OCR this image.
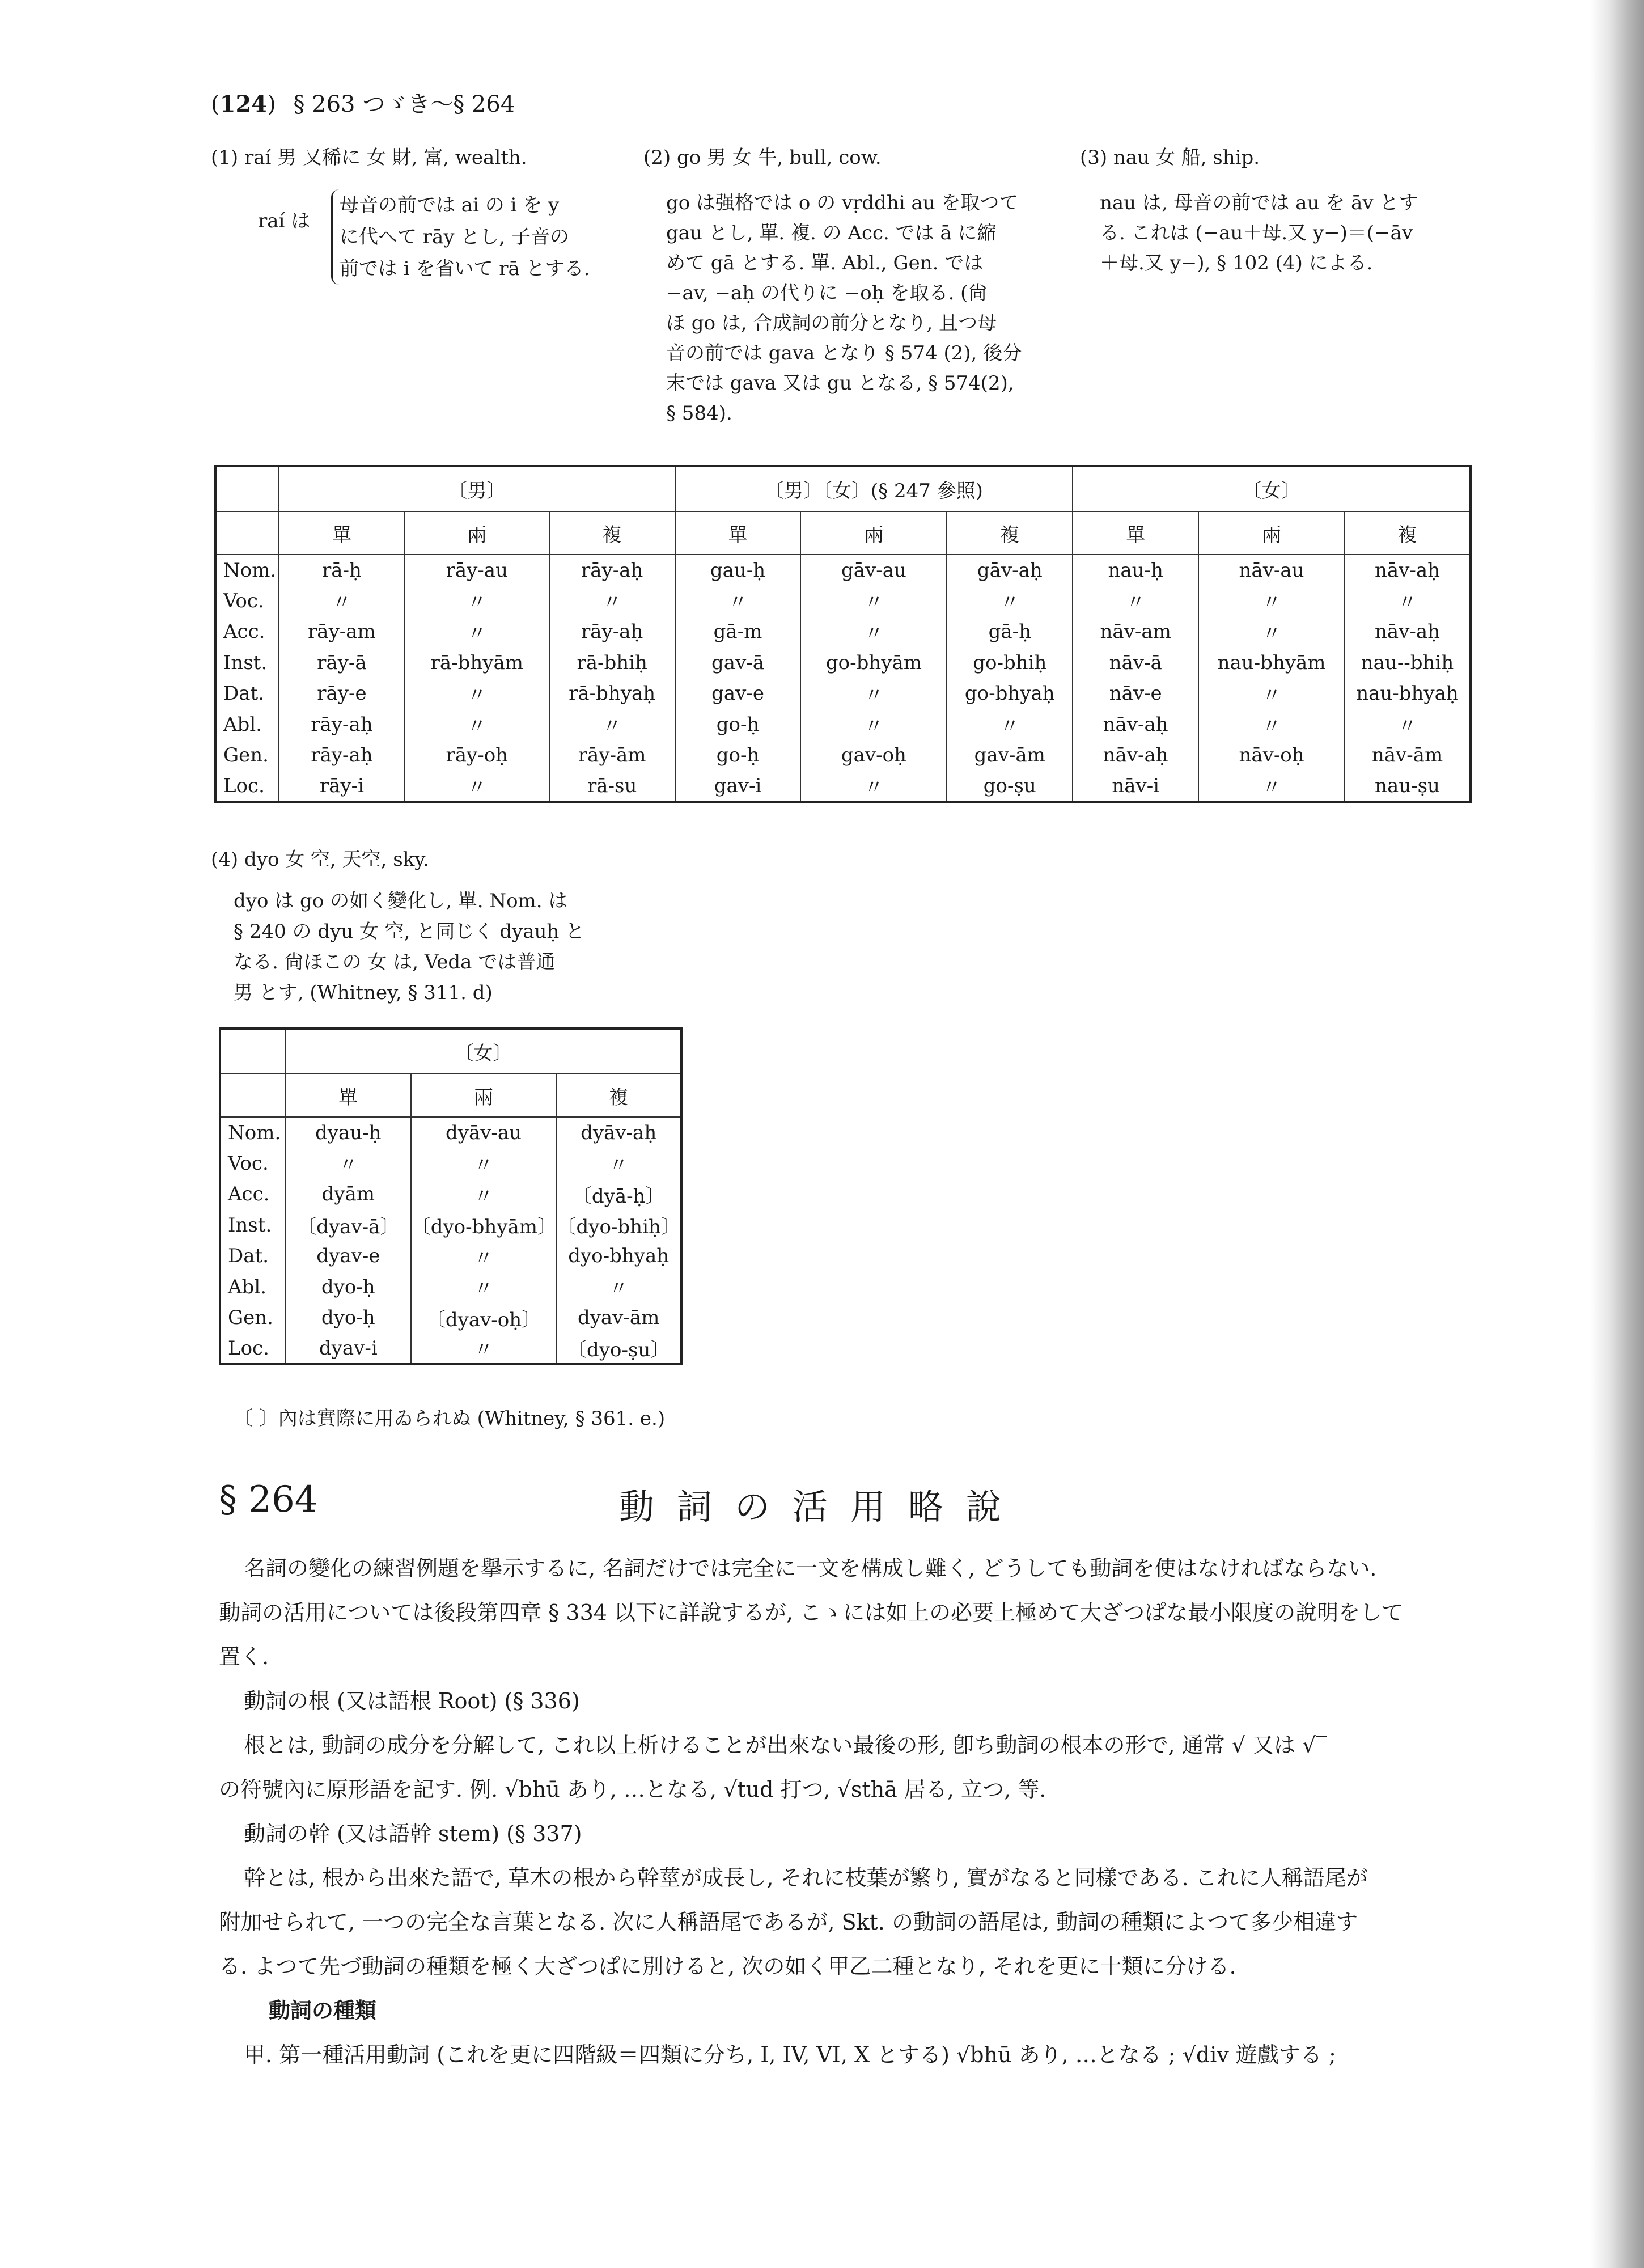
(124) § 263 つゞき～§ 264
(1) raí 男 又稀に 女 財, 富, wealth.
raí は
母音の前では ai の i を y
に代へて rāy とし, 子音の
前では i を省いて rā とする.
(2) go 男 女 牛, bull, cow.
go は强格では o の vṛddhi au を取つて
gau とし, 單. 複. の Acc. では ā に縮
めて gā とする. 單. Abl., Gen. では
−av, −aḥ の代りに −oḥ を取る. (尙
ほ go は, 合成詞の前分となり, 且つ母
音の前では gava となり § 574 (2), 後分
末では gava 又は gu となる, § 574(2),
§ 584).
(3) nau 女 船, ship.
nau は, 母音の前では au を āv とす
る. これは (−au＋母.又 y−)＝(−āv
＋母.又 y−), § 102 (4) による.
	〔男〕			〔男〕〔女〕(§ 247 參照)			〔女〕		
	單	兩	複	單	兩	複	單	兩	複
Nom.	rā-ḥ	rāy-au	rāy-aḥ	gau-ḥ	gāv-au	gāv-aḥ	nau-ḥ	nāv-au	nāv-aḥ
Voc.	〃	〃	〃	〃	〃	〃	〃	〃	〃
Acc.	rāy-am	〃	rāy-aḥ	gā-m	〃	gā-ḥ	nāv-am	〃	nāv-aḥ
Inst.	rāy-ā	rā-bhyām	rā-bhiḥ	gav-ā	go-bhyām	go-bhiḥ	nāv-ā	nau-bhyām	nau--bhiḥ
Dat.	rāy-e	〃	rā-bhyaḥ	gav-e	〃	go-bhyaḥ	nāv-e	〃	nau-bhyaḥ
Abl.	rāy-aḥ	〃	〃	go-ḥ	〃	〃	nāv-aḥ	〃	〃
Gen.	rāy-aḥ	rāy-oḥ	rāy-ām	go-ḥ	gav-oḥ	gav-ām	nāv-aḥ	nāv-oḥ	nāv-ām
Loc.	rāy-i	〃	rā-su	gav-i	〃	go-ṣu	nāv-i	〃	nau-ṣu
(4) dyo 女 空, 天空, sky.
dyo は go の如く變化し, 單. Nom. は
§ 240 の dyu 女 空, と同じく dyauḥ と
なる. 尙ほこの 女 は, Veda では普通
男 とす, (Whitney, § 311. d)
	〔女〕		
	單	兩	複
Nom.	dyau-ḥ	dyāv-au	dyāv-aḥ
Voc.	〃	〃	〃
Acc.	dyām	〃	〔dyā-ḥ〕
Inst.	〔dyav-ā〕	〔dyo-bhyām〕	〔dyo-bhiḥ〕
Dat.	dyav-e	〃	dyo-bhyaḥ
Abl.	dyo-ḥ	〃	〃
Gen.	dyo-ḥ	〔dyav-oḥ〕	dyav-ām
Loc.	dyav-i	〃	〔dyo-ṣu〕
〔 〕內は實際に用ゐられぬ (Whitney, § 361. e.)
§ 264	動詞の活用略說
名詞の變化の練習例題を擧示するに, 名詞だけでは完全に一文を構成し難く, どうしても動詞を使はなければならない.
動詞の活用については後段第四章 § 334 以下に詳說するが, こゝには如上の必要上極めて大ざつぱな最小限度の說明をして
置く.
動詞の根 (又は語根 Root) (§ 336)
根とは, 動詞の成分を分解して, これ以上析けることが出來ない最後の形, 卽ち動詞の根本の形で, 通常 √ 又は √‾
の符號內に原形語を記す. 例. √bhū あり, …となる, √tud 打つ, √sthā 居る, 立つ, 等.
動詞の幹 (又は語幹 stem) (§ 337)
幹とは, 根から出來た語で, 草木の根から幹莖が成長し, それに枝葉が繁り, 實がなると同樣である. これに人稱語尾が
附加せられて, 一つの完全な言葉となる. 次に人稱語尾であるが, Skt. の動詞の語尾は, 動詞の種類によつて多少相違す
る. よつて先づ動詞の種類を極く大ざつぱに別けると, 次の如く甲乙二種となり, それを更に十類に分ける.
動詞の種類
甲. 第一種活用動詞 (これを更に四階級＝四類に分ち, I, IV, VI, X とする) √bhū あり, …となる ; √div 遊戲する ;
